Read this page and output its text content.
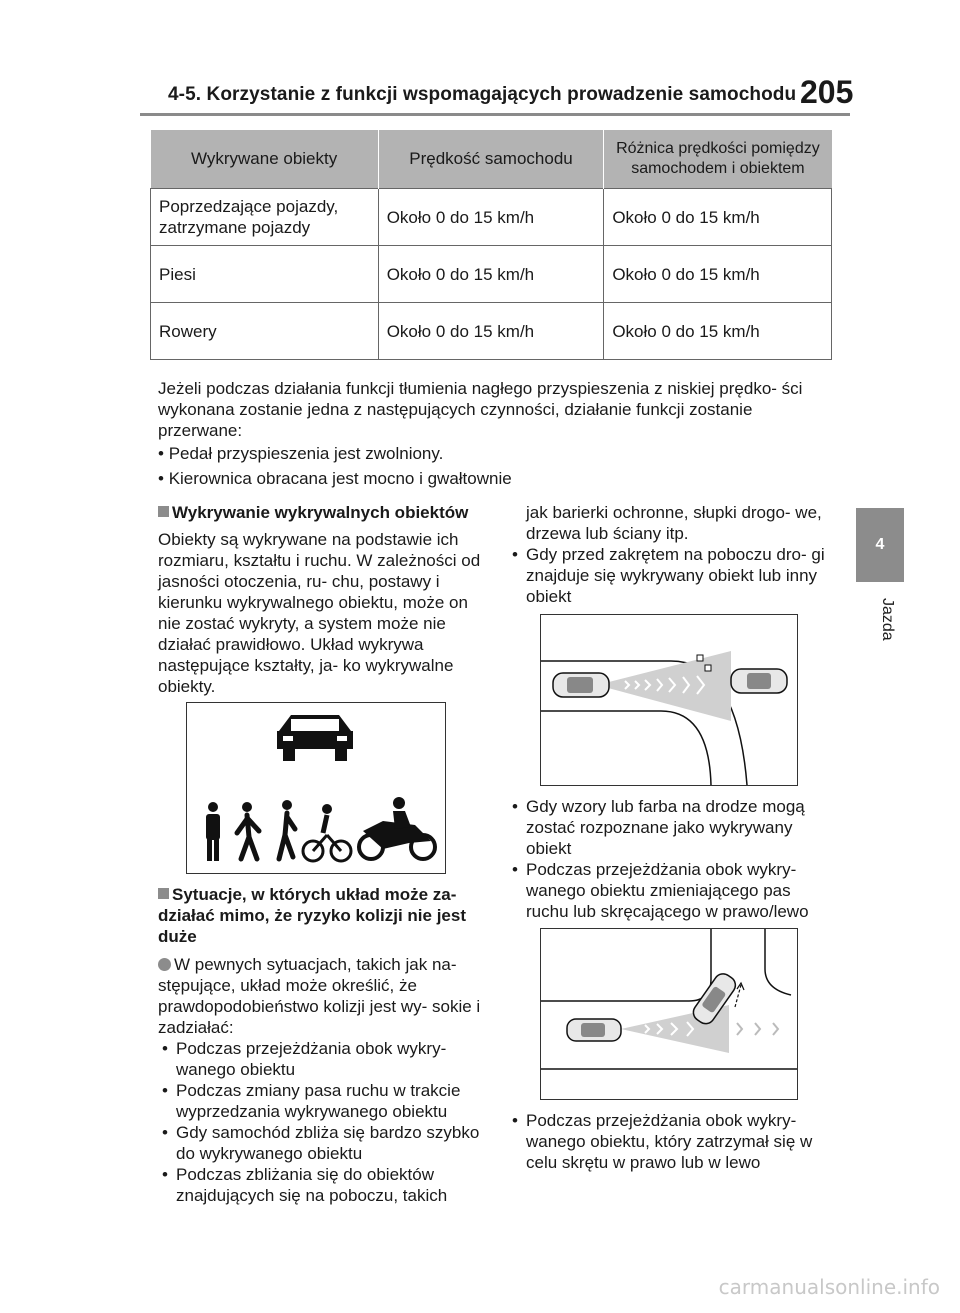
4-5. Korzystanie z funkcji wspomagających prowadzenie samochodu 205
4
Jazda
Wykrywane obiekty	Prędkość samochodu	Różnica prędkości pomiędzy samochodem i obiektem
Poprzedzające pojazdy, zatrzymane pojazdy	Około 0 do 15 km/h	Około 0 do 15 km/h
Piesi	Około 0 do 15 km/h	Około 0 do 15 km/h
Rowery	Około 0 do 15 km/h	Około 0 do 15 km/h
Jeżeli podczas działania funkcji tłumienia nagłego przyspieszenia z niskiej prędko- ści wykonana zostanie jedna z następujących czynności, działanie funkcji zostanie przerwane:
• Pedał przyspieszenia jest zwolniony.
• Kierownica obracana jest mocno i gwałtownie

Wykrywanie wykrywalnych obiektów

Obiekty są wykrywane na podstawie ich rozmiaru, kształtu i ruchu. W zależności od jasności otoczenia, ru- chu, postawy i kierunku wykrywalnego obiektu, może on nie zostać wykryty, a system może nie działać prawidłowo. Układ wykrywa następujące kształty, ja- ko wykrywalne obiekty.

Sytuacje, w których układ może za- działać mimo, że ryzyko kolizji nie jest duże

W pewnych sytuacjach, takich jak na- stępujące, układ może określić, że prawdopodobieństwo kolizji jest wy- sokie i zadziałać:

• Podczas przejeżdżania obok wykry- wanego obiektu

• Podczas zmiany pasa ruchu w trakcie wyprzedzania wykrywanego obiektu

• Gdy samochód zbliża się bardzo szybko do wykrywanego obiektu

• Podczas zbliżania się do obiektów znajdujących się na poboczu, takich

jak barierki ochronne, słupki drogo- we, drzewa lub ściany itp.

• Gdy przed zakrętem na poboczu dro- gi znajduje się wykrywany obiekt lub inny obiekt

• Gdy wzory lub farba na drodze mogą zostać rozpoznane jako wykrywany obiekt

• Podczas przejeżdżania obok wykry- wanego obiektu zmieniającego pas ruchu lub skręcającego w prawo/lewo

• Podczas przejeżdżania obok wykry- wanego obiektu, który zatrzymał się w celu skrętu w prawo lub w lewo

carmanualsonline.info
